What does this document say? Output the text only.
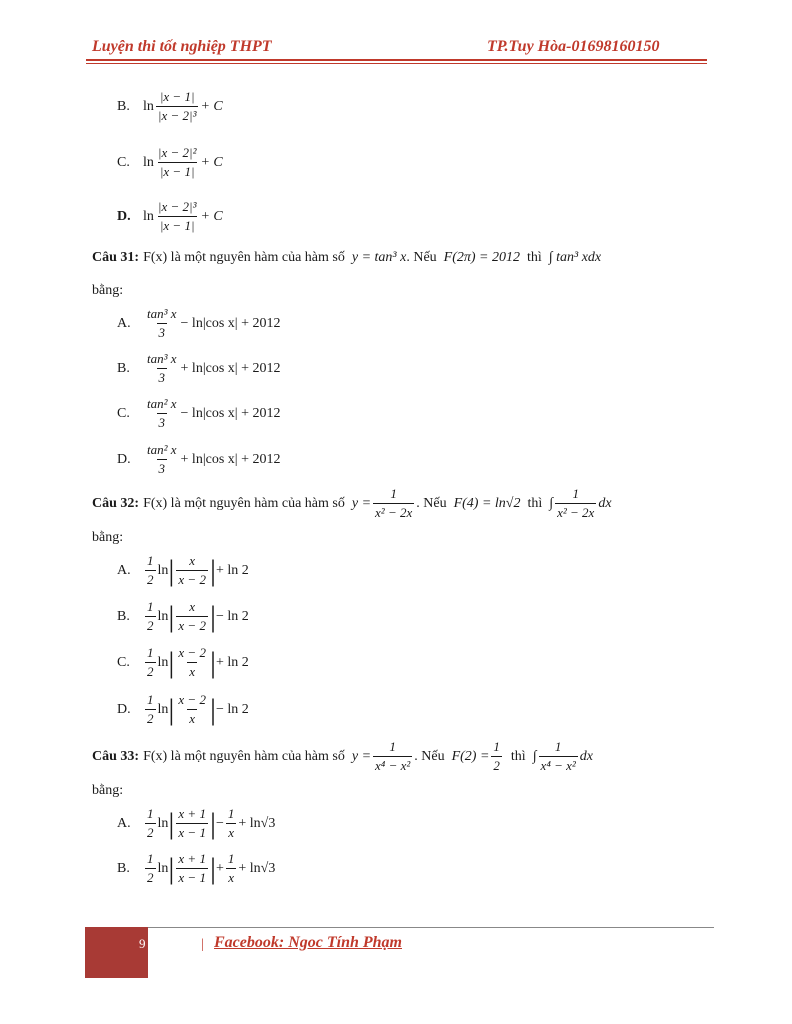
Luyện thi tốt nghiệp THPT	TP.Tuy Hòa-01698160150
B. $\ln \frac{|x - 1|}{\text{|x − 2|³}} + C$
C. $\ln \frac{\text{|x − 2|²}}{|x - 1|} + C$
D. $\ln \frac{\text{|x − 2|³}}{|x - 1|} + C$
Câu 31: F(x) là một nguyên hàm của hàm số
y = tan³ x . Nếu
F(2π) = 2012
thì
∫ tan³ xdx
bằng:
A.	$\frac{\text{tan³ x}}{3} - \ln|\cos$ x| + 2012
B.	$\frac{\text{tan³ x}}{3} + \ln|\cos$ x| + 2012
C.	$\frac{\text{tan² x}}{3} - \ln|\cos$ x| + 2012
D.	$\frac{\text{tan² x}}{3} + \ln|\cos$ x| + 2012
Câu 32: F(x) là một nguyên hàm của hàm số
$y = \frac{1}{\text{x² − 2x}}$ . Nếu
F(4) = ln√2
thì
∫ $\frac{1}{\text{x² − 2x}}$ dx
bằng:
A.	$\frac{1}{2}$ ln | $\frac{x}{x - 2}$ | + ln 2
B.	$\frac{1}{2}$ ln | $\frac{x}{x - 2}$ | − ln 2
C.	$\frac{1}{2}$ ln | $\frac{x - 2}{x}$ | + ln 2
D.	$\frac{1}{2}$ ln | $\frac{x - 2}{x}$ | − ln 2
Câu 33: F(x) là một nguyên hàm của hàm số
$y = \frac{1}{\text{x⁴ − x²}}$ . Nếu
$F(2) = \frac{1}{2}$
thì
∫ $\frac{1}{\text{x⁴ − x²}}$ dx
bằng:
A.	$\frac{1}{2}$ ln | $\frac{x + 1}{x - 1}$ | − $\frac{1}{x} + \ln√3$
B.	$\frac{1}{2}$ ln | $\frac{x + 1}{x - 1}$ | + $\frac{1}{x} + \ln√3$
9	| Facebook: Ngoc Tính Phạm
